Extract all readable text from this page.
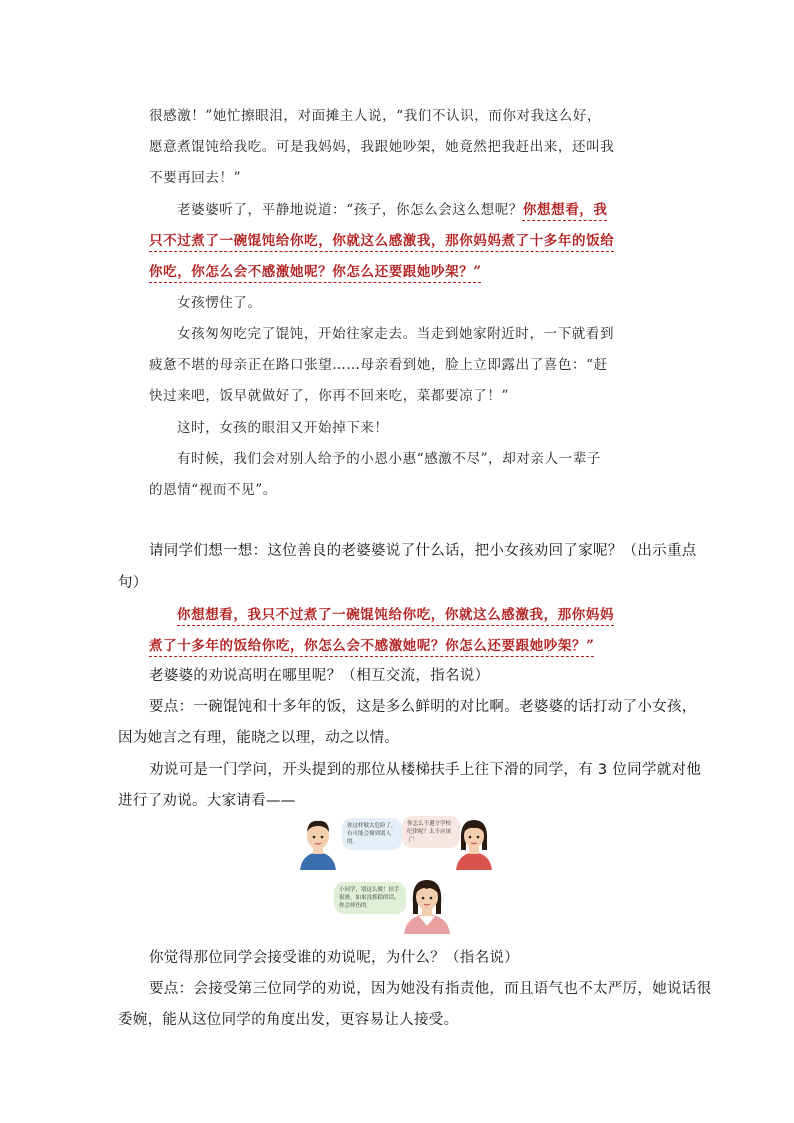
很感激！”她忙擦眼泪，对面摊主人说，“我们不认识，而你对我这么好，
愿意煮馄饨给我吃。可是我妈妈，我跟她吵架，她竟然把我赶出来，还叫我
不要再回去！”
老婆婆听了，平静地说道：“孩子，你怎么会这么想呢？你想想看，我
只不过煮了一碗馄饨给你吃，你就这么感激我，那你妈妈煮了十多年的饭给
你吃，你怎么会不感激她呢？你怎么还要跟她吵架？”
女孩愣住了。
女孩匆匆吃完了馄饨，开始往家走去。当走到她家附近时，一下就看到
疲惫不堪的母亲正在路口张望……母亲看到她，脸上立即露出了喜色：“赶
快过来吧，饭早就做好了，你再不回来吃，菜都要凉了！”
这时，女孩的眼泪又开始掉下来！
有时候，我们会对别人给予的小恩小惠“感激不尽”，却对亲人一辈子
的恩情“视而不见”。
请同学们想一想：这位善良的老婆婆说了什么话，把小女孩劝回了家呢？（出示重点
句）
你想想看，我只不过煮了一碗馄饨给你吃，你就这么感激我，那你妈妈
煮了十多年的饭给你吃，你怎么会不感激她呢？你怎么还要跟她吵架？”
老婆婆的劝说高明在哪里呢？（相互交流，指名说）
要点：一碗馄饨和十多年的饭，这是多么鲜明的对比啊。老婆婆的话打动了小女孩，
因为她言之有理，能晓之以理，动之以情。
劝说可是一门学问，开头提到的那位从楼梯扶手上往下滑的同学，有 3 位同学就对他
进行了劝说。大家请看——
你这样做太危险了，有可能会撞到别人的。
你怎么不遵守学校纪律呢？太不应该了！
小同学，别这么做！扶手很滑，如果没抓稳的话，你会摔伤的。
你觉得那位同学会接受谁的劝说呢，为什么？（指名说）
要点：会接受第三位同学的劝说，因为她没有指责他，而且语气也不太严厉，她说话很
委婉，能从这位同学的角度出发，更容易让人接受。
